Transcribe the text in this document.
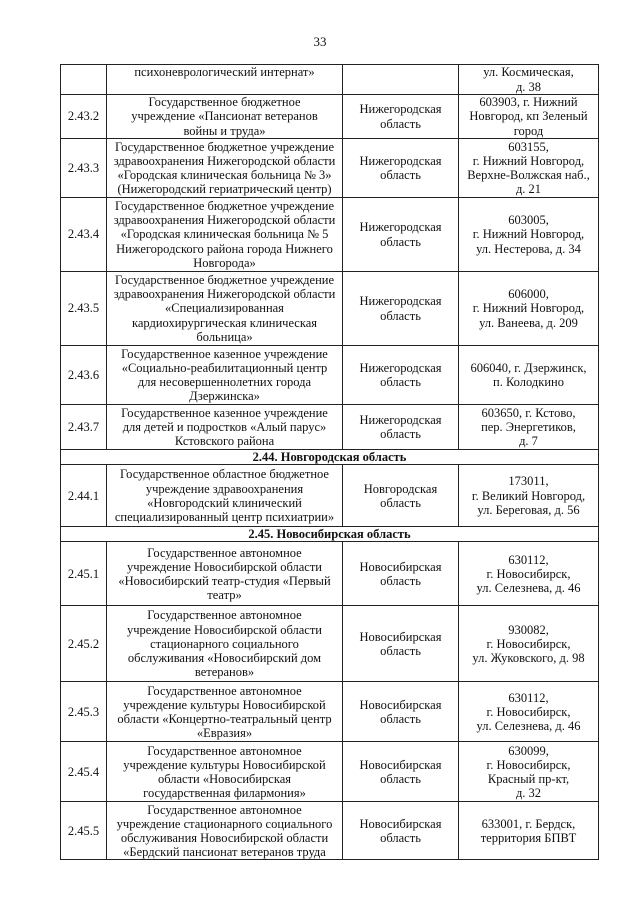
33

	психоневрологический интернат»		ул. Космическая,
д. 38

2.43.2	Государственное бюджетное
учреждение «Пансионат ветеранов
войны и труда»	Нижегородская
область	603903, г. Нижний
Новгород, кп Зеленый
город

2.43.3	Государственное бюджетное учреждение
здравоохранения Нижегородской области
«Городская клиническая больница № 3»
(Нижегородский гериатрический центр)	Нижегородская
область	603155,
г. Нижний Новгород,
Верхне-Волжская наб.,
д. 21

2.43.4	Государственное бюджетное учреждение
здравоохранения Нижегородской области
«Городская клиническая больница № 5
Нижегородского района города Нижнего
Новгорода»	Нижегородская
область	603005,
г. Нижний Новгород,
ул. Нестерова, д. 34

2.43.5	Государственное бюджетное учреждение
здравоохранения Нижегородской области
«Специализированная
кардиохирургическая клиническая
больница»	Нижегородская
область	606000,
г. Нижний Новгород,
ул. Ванеева, д. 209

2.43.6	Государственное казенное учреждение
«Социально-реабилитационный центр
для несовершеннолетних города
Дзержинска»	Нижегородская
область	606040, г. Дзержинск,
п. Колодкино

2.43.7	Государственное казенное учреждение
для детей и подростков «Алый парус»
Кстовского района	Нижегородская
область	603650, г. Кстово,
пер. Энергетиков,
д. 7

2.44. Новгородская область			

2.44.1	Государственное областное бюджетное
учреждение здравоохранения
«Новгородский клинический
специализированный центр психиатрии»	Новгородская
область	173011,
г. Великий Новгород,
ул. Береговая, д. 56

2.45. Новосибирская область			

2.45.1	Государственное автономное
учреждение Новосибирской области
«Новосибирский театр-студия «Первый
театр»	Новосибирская
область	630112,
г. Новосибирск,
ул. Селезнева, д. 46

2.45.2	Государственное автономное
учреждение Новосибирской области
стационарного социального
обслуживания «Новосибирский дом
ветеранов»	Новосибирская
область	930082,
г. Новосибирск,
ул. Жуковского, д. 98

2.45.3	Государственное автономное
учреждение культуры Новосибирской
области «Концертно-театральный центр
«Евразия»	Новосибирская
область	630112,
г. Новосибирск,
ул. Селезнева, д. 46

2.45.4	Государственное автономное
учреждение культуры Новосибирской
области «Новосибирская
государственная филармония»	Новосибирская
область	630099,
г. Новосибирск,
Красный пр-кт,
д. 32

2.45.5	Государственное автономное
учреждение стационарного социального
обслуживания Новосибирской области
«Бердский пансионат ветеранов труда	Новосибирская
область	633001, г. Бердск,
территория БПВТ
